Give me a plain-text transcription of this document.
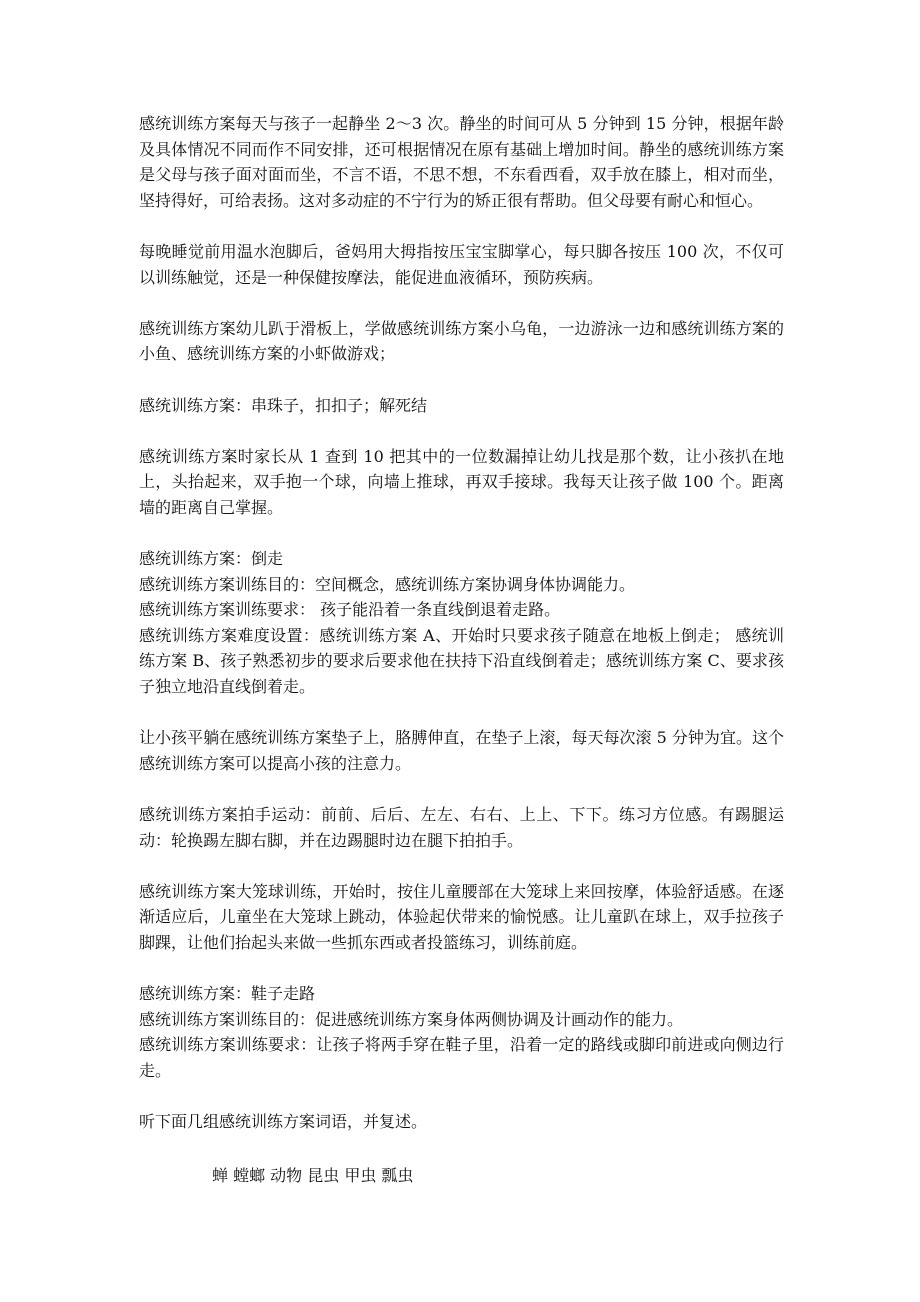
感统训练方案每天与孩子一起静坐 2～3 次。静坐的时间可从 5 分钟到 15 分钟，根据年龄及具体情况不同而作不同安排，还可根据情况在原有基础上增加时间。静坐的感统训练方案是父母与孩子面对面而坐，不言不语，不思不想，不东看西看，双手放在膝上，相对而坐，坚持得好，可给表扬。这对多动症的不宁行为的矫正很有帮助。但父母要有耐心和恒心。

每晚睡觉前用温水泡脚后，爸妈用大拇指按压宝宝脚掌心，每只脚各按压 100 次，不仅可以训练触觉，还是一种保健按摩法，能促进血液循环，预防疾病。

感统训练方案幼儿趴于滑板上，学做感统训练方案小乌龟，一边游泳一边和感统训练方案的小鱼、感统训练方案的小虾做游戏；

感统训练方案：串珠子，扣扣子；解死结

感统训练方案时家长从 1 查到 10 把其中的一位数漏掉让幼儿找是那个数，让小孩扒在地上，头抬起来，双手抱一个球，向墙上推球，再双手接球。我每天让孩子做 100 个。距离墙的距离自己掌握。

感统训练方案：倒走
感统训练方案训练目的：空间概念，感统训练方案协调身体协调能力。
感统训练方案训练要求： 孩子能沿着一条直线倒退着走路。
感统训练方案难度设置：感统训练方案 A、开始时只要求孩子随意在地板上倒走； 感统训练方案 B、孩子熟悉初步的要求后要求他在扶持下沿直线倒着走；感统训练方案 C、要求孩子独立地沿直线倒着走。

让小孩平躺在感统训练方案垫子上，胳膊伸直，在垫子上滚，每天每次滚 5 分钟为宜。这个感统训练方案可以提高小孩的注意力。

感统训练方案拍手运动：前前、后后、左左、右右、上上、下下。练习方位感。有踢腿运动：轮换踢左脚右脚，并在边踢腿时边在腿下拍拍手。

感统训练方案大笼球训练，开始时，按住儿童腰部在大笼球上来回按摩，体验舒适感。在逐渐适应后，儿童坐在大笼球上跳动，体验起伏带来的愉悦感。让儿童趴在球上，双手拉孩子脚踝，让他们抬起头来做一些抓东西或者投篮练习，训练前庭。

感统训练方案：鞋子走路
感统训练方案训练目的：促进感统训练方案身体两侧协调及计画动作的能力。
感统训练方案训练要求：让孩子将两手穿在鞋子里，沿着一定的路线或脚印前进或向侧边行走。

听下面几组感统训练方案词语，并复述。

蝉 螳螂 动物 昆虫 甲虫 瓢虫
